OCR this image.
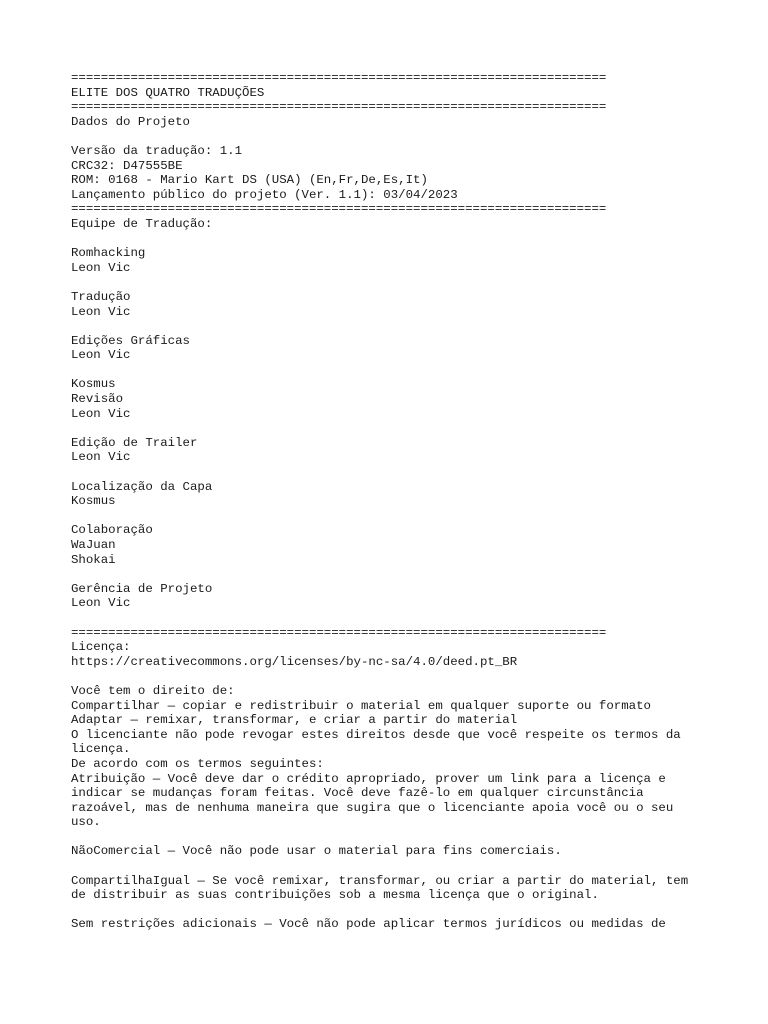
========================================================================
ELITE DOS QUATRO TRADUÇÕES
========================================================================
Dados do Projeto
Versão da tradução: 1.1
CRC32: D47555BE
ROM: 0168 - Mario Kart DS (USA) (En,Fr,De,Es,It)
Lançamento público do projeto (Ver. 1.1): 03/04/2023
========================================================================
Equipe de Tradução:
Romhacking
Leon Vic
Tradução
Leon Vic
Edições Gráficas
Leon Vic
Kosmus
Revisão
Leon Vic
Edição de Trailer
Leon Vic
Localização da Capa
Kosmus
Colaboração
WaJuan
Shokai
Gerência de Projeto
Leon Vic
========================================================================
Licença:
https://creativecommons.org/licenses/by-nc-sa/4.0/deed.pt_BR
Você tem o direito de:
Compartilhar — copiar e redistribuir o material em qualquer suporte ou formato
Adaptar — remixar, transformar, e criar a partir do material
O licenciante não pode revogar estes direitos desde que você respeite os termos da
licença.
De acordo com os termos seguintes:
Atribuição — Você deve dar o crédito apropriado, prover um link para a licença e
indicar se mudanças foram feitas. Você deve fazê-lo em qualquer circunstância
razoável, mas de nenhuma maneira que sugira que o licenciante apoia você ou o seu
uso.
NãoComercial — Você não pode usar o material para fins comerciais.
CompartilhaIgual — Se você remixar, transformar, ou criar a partir do material, tem
de distribuir as suas contribuições sob a mesma licença que o original.
Sem restrições adicionais — Você não pode aplicar termos jurídicos ou medidas de
